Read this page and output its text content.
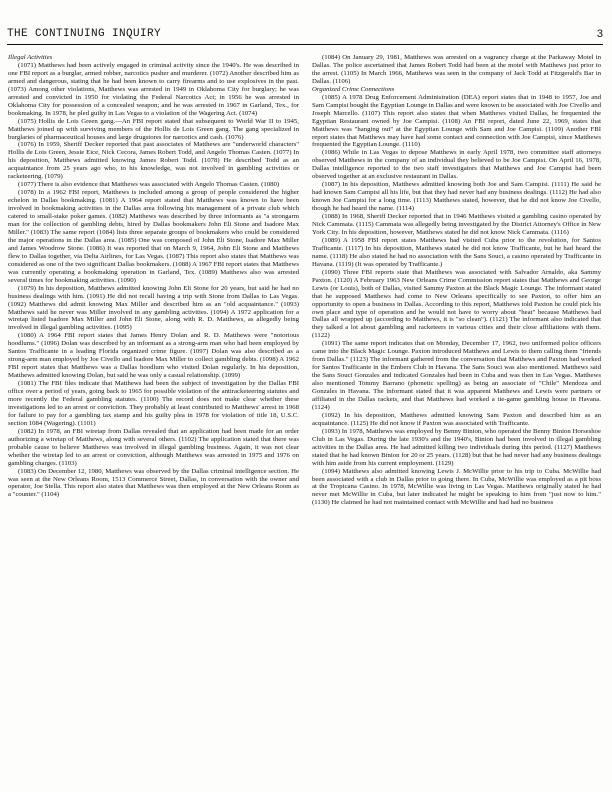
THE CONTINUING INQUIRY	3

Illegal Activities

(1071) Matthews had been actively engaged in criminal activity since the 1940's. He was described in one FBI report as a burglar, armed robber, narcotics pusher and murderer. (1072) Another described him as armed and dangerous, stating that he had been known to carry firearms and to use explosives in the past. (1073) Among other violations, Matthews was arrested in 1949 in Oklahoma City for burglary; he was arrested and convicted in 1950 for violating the Federal Narcotics Act; in 1956 he was arrested in Oklahoma City for possession of a concealed weapon; and he was arrested in 1967 in Garland, Tex., for bookmaking. In 1978, he pled guilty in Las Vegas to a violation of the Wagering Act. (1074)

(1075) Hollis de Lois Green gang.—An FBI report stated that subsequent to World War II to 1945, Matthews joined up with surviving members of the Hollis de Lois Green gang. The gang specialized in burglaries of pharmaceutical houses and large drugstores for narcotics and cash. (1076)

(1076) In 1959, Sheriff Decker reported that past associates of Matthews are "underworld characters" Hollis de Lois Green, Jessie Eice, Nick Cecora, James Robert Todd, and Angelo Thomas Casten. (1077) In his deposition, Matthews admitted knowing James Robert Todd. (1078) He described Todd as an acquaintance from 25 years ago who, to his knowledge, was not involved in gambling activities or racketeering. (1079)

(1077) There is also evidence that Matthews was associated with Angelo Thomas Casten. (1080)

(1078) In a 1962 FBI report, Matthews is included among a group of people considered the higher echelon in Dallas bookmaking. (1081) A 1964 report stated that Matthews was known to have been involved in bookmaking activities in the Dallas area following his management of a private club which catered to small-stake poker games. (1082) Matthews was described by three informants as "a strongarm man for the collection of gambling debts, hired by Dallas bookmakers John Eli Stone and Isadore Max Miller." (1083) The same report (1084) lists three separate groups of bookmakers who could be considered the major operations in the Dallas area. (1085) One was composed of John Eli Stone, Isadore Max Miller and James Woodrow Stone. (1086) It was reported that on March 9, 1964, John Eli Stone and Matthews flew to Dallas together, via Delta Airlines, for Las Vegas. (1087) This report also states that Matthews was considered as one of the two significant Dallas bookmakers. (1088) A 1967 FBI report states that Matthews was currently operating a bookmaking operation in Garland, Tex. (1089) Matthews also was arrested several times for bookmaking activities. (1090)

(1079) In his deposition, Matthews admitted knowing John Eli Stone for 20 years, but said he had no business dealings with him. (1091) He did not recall having a trip with Stone from Dallas to Las Vegas. (1092) Matthews did admit knowing Max Miller and described him as an "old acquaintance." (1093) Matthews said he never was Miller involved in any gambling activities. (1094) A 1972 application for a wiretap listed Isadore Max Miller and John Eli Stone, along with R. D. Matthews, as allegedly being involved in illegal gambling activities. (1095)

(1080) A 1964 FBI report states that James Henry Dolan and R. D. Matthews were "notorious hoodlums." (1096) Dolan was described by an informant as a strong-arm man who had been employed by Santos Trafficante in a leading Florida organized crime figure. (1097) Dolan was also described as a strong-arm man employed by Joe Civello and Isadore Max Miller to collect gambling debts. (1098) A 1962 FBI report states that Matthews was a Dallas hoodlum who visited Dolan regularly. In his deposition, Matthews admitted knowing Dolan, but said he was only a casual relationship. (1099)

(1081) The FBI files indicate that Matthews had been the subject of investigation by the Dallas FBI office over a period of years, going back to 1965 for possible violation of the antiracketeering statutes and more recently the Federal gambling statutes. (1100) The record does not make clear whether these investigations led to an arrest or conviction. They probably at least contributed to Matthews' arrest in 1968 for failure to pay for a gambling tax stamp and his guilty plea in 1978 for violation of title 18, U.S.C. section 1084 (Wagering). (1101)

(1082) In 1978, an FBI wiretap from Dallas revealed that an application had been made for an order authorizing a wiretap of Matthews, along with several others. (1102) The application stated that there was probable cause to believe Matthews was involved in illegal gambling business. Again, it was not clear whether the wiretap led to an arrest or conviction, although Matthews was arrested in 1975 and 1976 on gambling charges. (1103)

(1083) On December 12, 1980, Matthews was observed by the Dallas criminal intelligence section. He was seen at the New Orleans Room, 1513 Commerce Street, Dallas, in conversation with the owner and operator, Joe Stella. This report also states that Matthews was then employed at the New Orleans Room as a "counter." (1104)

(1084) On January 29, 1981, Matthews was arrested on a vagrancy charge at the Parkaway Motel in Dallas. The police ascertained that James Robert Todd had been at the motel with Matthews just prior to the arrest. (1105) In March 1966, Matthews was seen in the company of Jack Todd at Fitzgerald's Bar in Dallas. (1106)

Organized Crime Connections

(1085) A 1978 Drug Enforcement Administration (DEA) report states that in 1948 to 1957, Joe and Sam Campisi bought the Egyptian Lounge in Dallas and were known to be associated with Joe Civello and Joseph Marcello. (1107) This report also states that when Matthews visited Dallas, he frequented the Egyptian Restaurant owned by Joe Campisi. (1108) An FBI report, dated June 22, 1969, states that Matthews was "hanging out" at the Egyptian Lounge with Sam and Joe Campisi. (1109) Another FBI report states that Matthews may have had some contact and connection with Joe Campisi, since Matthews frequented the Egyptian Lounge. (1110)

(1086) While in Las Vegas to depose Matthews in early April 1978, two committee staff attorneys observed Matthews in the company of an individual they believed to be Joe Campisi. On April 16, 1978, Dallas intelligence reported to the two staff investigators that Matthews and Joe Campisi had been observed together at an exclusive restaurant in Dallas.

(1087) In his deposition, Matthews admitted knowing both Joe and Sam Campisi. (1111) He said he had known Sam Campisi all his life, but that they had never had any business dealings. (1112) He had also known Joe Campisi for a long time. (1113) Matthews stated, however, that he did not know Joe Civello, though he had heard the name. (1114)

(1088) In 1968, Sheriff Decker reported that in 1946 Matthews visited a gambling casino operated by Nick Cammata. (1115) Cammata was allegedly being investigated by the District Attorney's Office in New York City. In his deposition, however, Matthews stated he did not know Nick Cammata. (1116)

(1089) A 1958 FBI report states Matthews had visited Cuba prior to the revolution, for Santos Trafficante. (1117) In his deposition, Matthews stated he did not know Trafficante, but he had heard the name. (1118) He also stated he had no association with the Sans Souci, a casino operated by Trafficante in Havana. (1119) (It was operated by Trafficante.)

(1090) Three FBI reports state that Matthews was associated with Salvador Arnaldo, aka Sammy Paxton. (1120) A February 1963 New Orleans Crime Commission report states that Matthews and George Lewis (or Louis), both of Dallas, visited Sammy Paxton at the Black Magic Lounge. The informant stated that he supposed Matthews had come to New Orleans specifically to see Paxton, to offer him an opportunity to open a business in Dallas. According to this report, Matthews told Paxton he could pick his own place and type of operation and he would not have to worry about "heat" because Matthews had Dallas all wrapped up (according to Matthews, it is "so clean"). (1121) The informant also indicated that they talked a lot about gambling and racketeers in various cities and their close affiliations with them. (1122)

(1091) The same report indicates that on Monday, December 17, 1962, two uniformed police officers came into the Black Magic Lounge. Paxton introduced Matthews and Lewis to them calling them "friends from Dallas." (1123) The informant gathered from the conversation that Matthews and Paxton had worked for Santos Trafficante in the Embers Club in Havana. The Sans Souci was also mentioned. Matthews said the Sans Souci Gonzales and indicated Gonzales had been in Cuba and was then in Las Vegas. Matthews also mentioned Tommy Barrano (phonetic spelling) as being an associate of "Chile" Mendoza and Gonzales in Havana. The informant stated that it was apparent Matthews and Lewis were partners or affiliated in the Dallas rackets, and that Matthews had worked a tie-game gambling house in Havana. (1124)

(1092) In his deposition, Matthews admitted knowing Sam Paxton and described him as an acquaintance. (1125) He did not know if Paxton was associated with Trafficante.

(1093) In 1978, Matthews was employed by Benny Binion, who operated the Benny Binion Horseshoe Club in Las Vegas. During the late 1930's and the 1940's, Binion had been involved in illegal gambling activities in the Dallas area. He had admitted killing two individuals during this period. (1127) Matthews stated that he had known Binion for 20 or 25 years. (1128) but that he had never had any business dealings with him aside from his current employment. (1129)

(1094) Matthews also admitted knowing Lewis J. McWillie prior to his trip to Cuba. McWillie had been associated with a club in Dallas prior to going there. In Cuba, McWillie was employed as a pit boss at the Tropicana Casino. In 1978, McWillie was living in Las Vegas. Matthews originally stated he had never met McWillie in Cuba, but later indicated he might be speaking to him from "just now to him." (1130) He claimed he had not maintained contact with McWillie and had had no business
